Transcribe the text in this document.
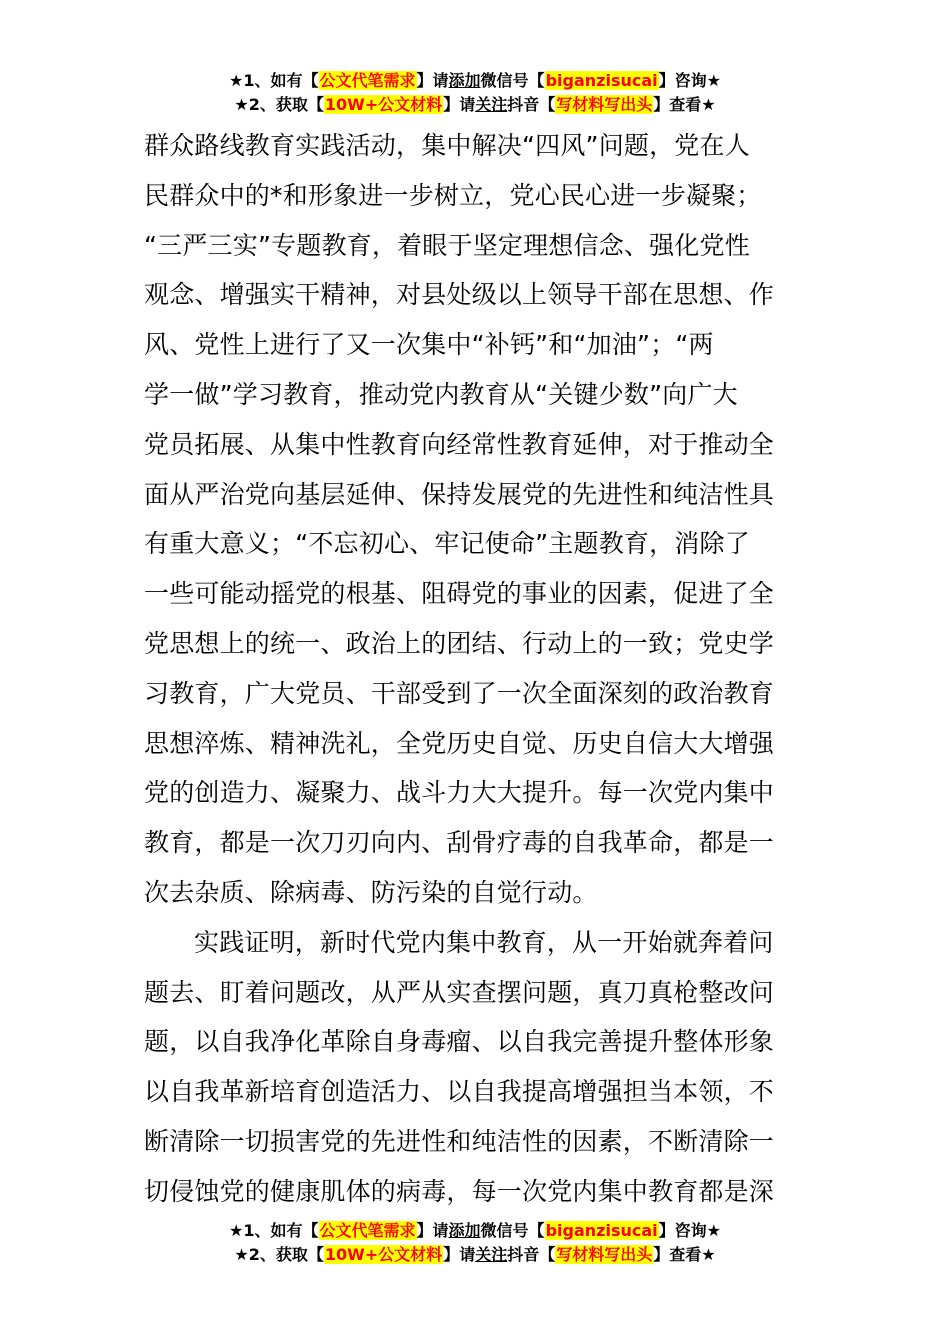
★1、如有【公文代笔需求】请添加微信号【biganzisucai】咨询★
★2、获取【10W+公文材料】请关注抖音【写材料写出头】查看★
群众路线教育实践活动，集中解决“四风”问题，党在人
民群众中的*和形象进一步树立，党心民心进一步凝聚；
“三严三实”专题教育，着眼于坚定理想信念、强化党性
观念、增强实干精神，对县处级以上领导干部在思想、作
风、党性上进行了又一次集中“补钙”和“加油”；“两
学一做”学习教育，推动党内教育从“关键少数”向广大
党员拓展、从集中性教育向经常性教育延伸，对于推动全
面从严治党向基层延伸、保持发展党的先进性和纯洁性具
有重大意义；“不忘初心、牢记使命”主题教育，消除了
一些可能动摇党的根基、阻碍党的事业的因素，促进了全
党思想上的统一、政治上的团结、行动上的一致；党史学
习教育，广大党员、干部受到了一次全面深刻的政治教育
思想淬炼、精神洗礼，全党历史自觉、历史自信大大增强
党的创造力、凝聚力、战斗力大大提升。每一次党内集中
教育，都是一次刀刃向内、刮骨疗毒的自我革命，都是一
次去杂质、除病毒、防污染的自觉行动。
实践证明，新时代党内集中教育，从一开始就奔着问
题去、盯着问题改，从严从实查摆问题，真刀真枪整改问
题，以自我净化革除自身毒瘤、以自我完善提升整体形象
以自我革新培育创造活力、以自我提高增强担当本领，不
断清除一切损害党的先进性和纯洁性的因素，不断清除一
切侵蚀党的健康肌体的病毒，每一次党内集中教育都是深
★1、如有【公文代笔需求】请添加微信号【biganzisucai】咨询★
★2、获取【10W+公文材料】请关注抖音【写材料写出头】查看★
